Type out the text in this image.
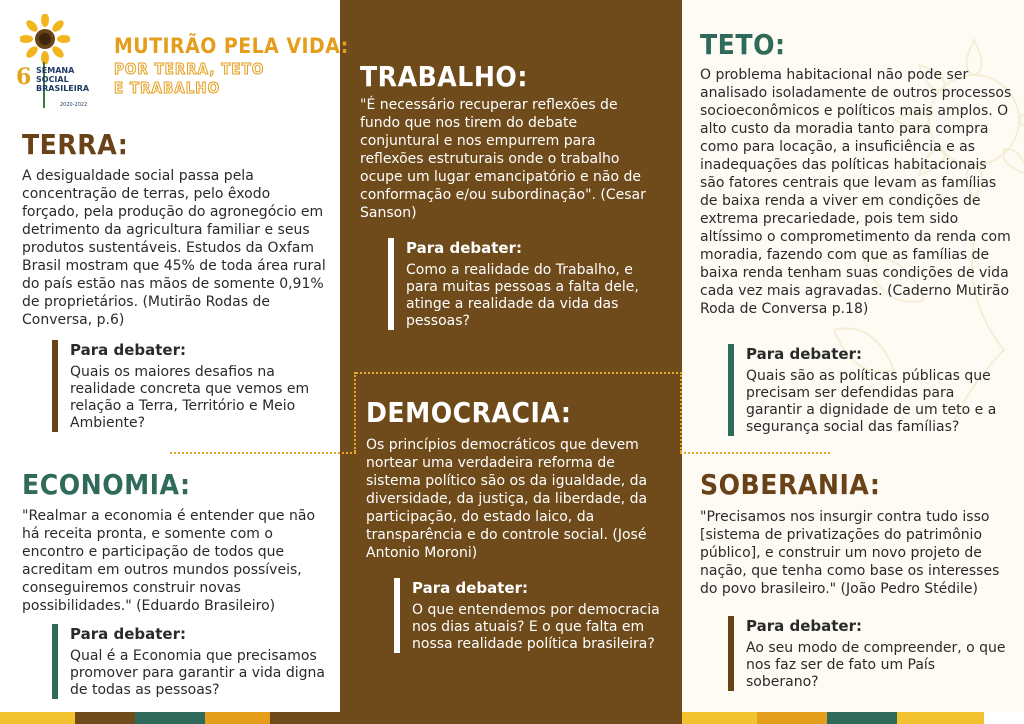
6 SEMANA
SOCIAL
BRASILEIRA
2020-2022
MUTIRÃO PELA VIDA:
POR TERRA, TETO
E TRABALHO
TERRA:
A desigualdade social passa pela concentração de terras, pelo êxodo forçado, pela produção do agronegócio em detrimento da agricultura familiar e seus produtos sustentáveis. Estudos da Oxfam Brasil mostram que 45% de toda área rural do país estão nas mãos de somente 0,91% de proprietários. (Mutirão Rodas de Conversa, p.6)
Para debater:
Quais os maiores desafios na realidade concreta que vemos em relação a Terra, Território e Meio Ambiente?
ECONOMIA:
"Realmar a economia é entender que não há receita pronta, e somente com o encontro e participação de todos que acreditam em outros mundos possíveis, conseguiremos construir novas possibilidades." (Eduardo Brasileiro)
Para debater:
Qual é a Economia que precisamos promover para garantir a vida digna de todas as pessoas?
TRABALHO:
"É necessário recuperar reflexões de fundo que nos tirem do debate conjuntural e nos empurrem para reflexões estruturais onde o trabalho ocupe um lugar emancipatório e não de conformação e/ou subordinação". (Cesar Sanson)
Para debater:
Como a realidade do Trabalho, e para muitas pessoas a falta dele, atinge a realidade da vida das pessoas?
DEMOCRACIA:
Os princípios democráticos que devem nortear uma verdadeira reforma de sistema político são os da igualdade, da diversidade, da justiça, da liberdade, da participação, do estado laico, da transparência e do controle social. (José Antonio Moroni)
Para debater:
O que entendemos por democracia nos dias atuais? E o que falta em nossa realidade política brasileira?
TETO:
O problema habitacional não pode ser analisado isoladamente de outros processos socioeconômicos e políticos mais amplos. O alto custo da moradia tanto para compra como para locação, a insuficiência e as inadequações das políticas habitacionais são fatores centrais que levam as famílias de baixa renda a viver em condições de extrema precariedade, pois tem sido altíssimo o comprometimento da renda com moradia, fazendo com que as famílias de baixa renda tenham suas condições de vida cada vez mais agravadas. (Caderno Mutirão Roda de Conversa p.18)
Para debater:
Quais são as políticas públicas que precisam ser defendidas para garantir a dignidade de um teto e a segurança social das famílias?
SOBERANIA:
"Precisamos nos insurgir contra tudo isso [sistema de privatizações do patrimônio público], e construir um novo projeto de nação, que tenha como base os interesses do povo brasileiro." (João Pedro Stédile)
Para debater:
Ao seu modo de compreender, o que nos faz ser de fato um País soberano?
